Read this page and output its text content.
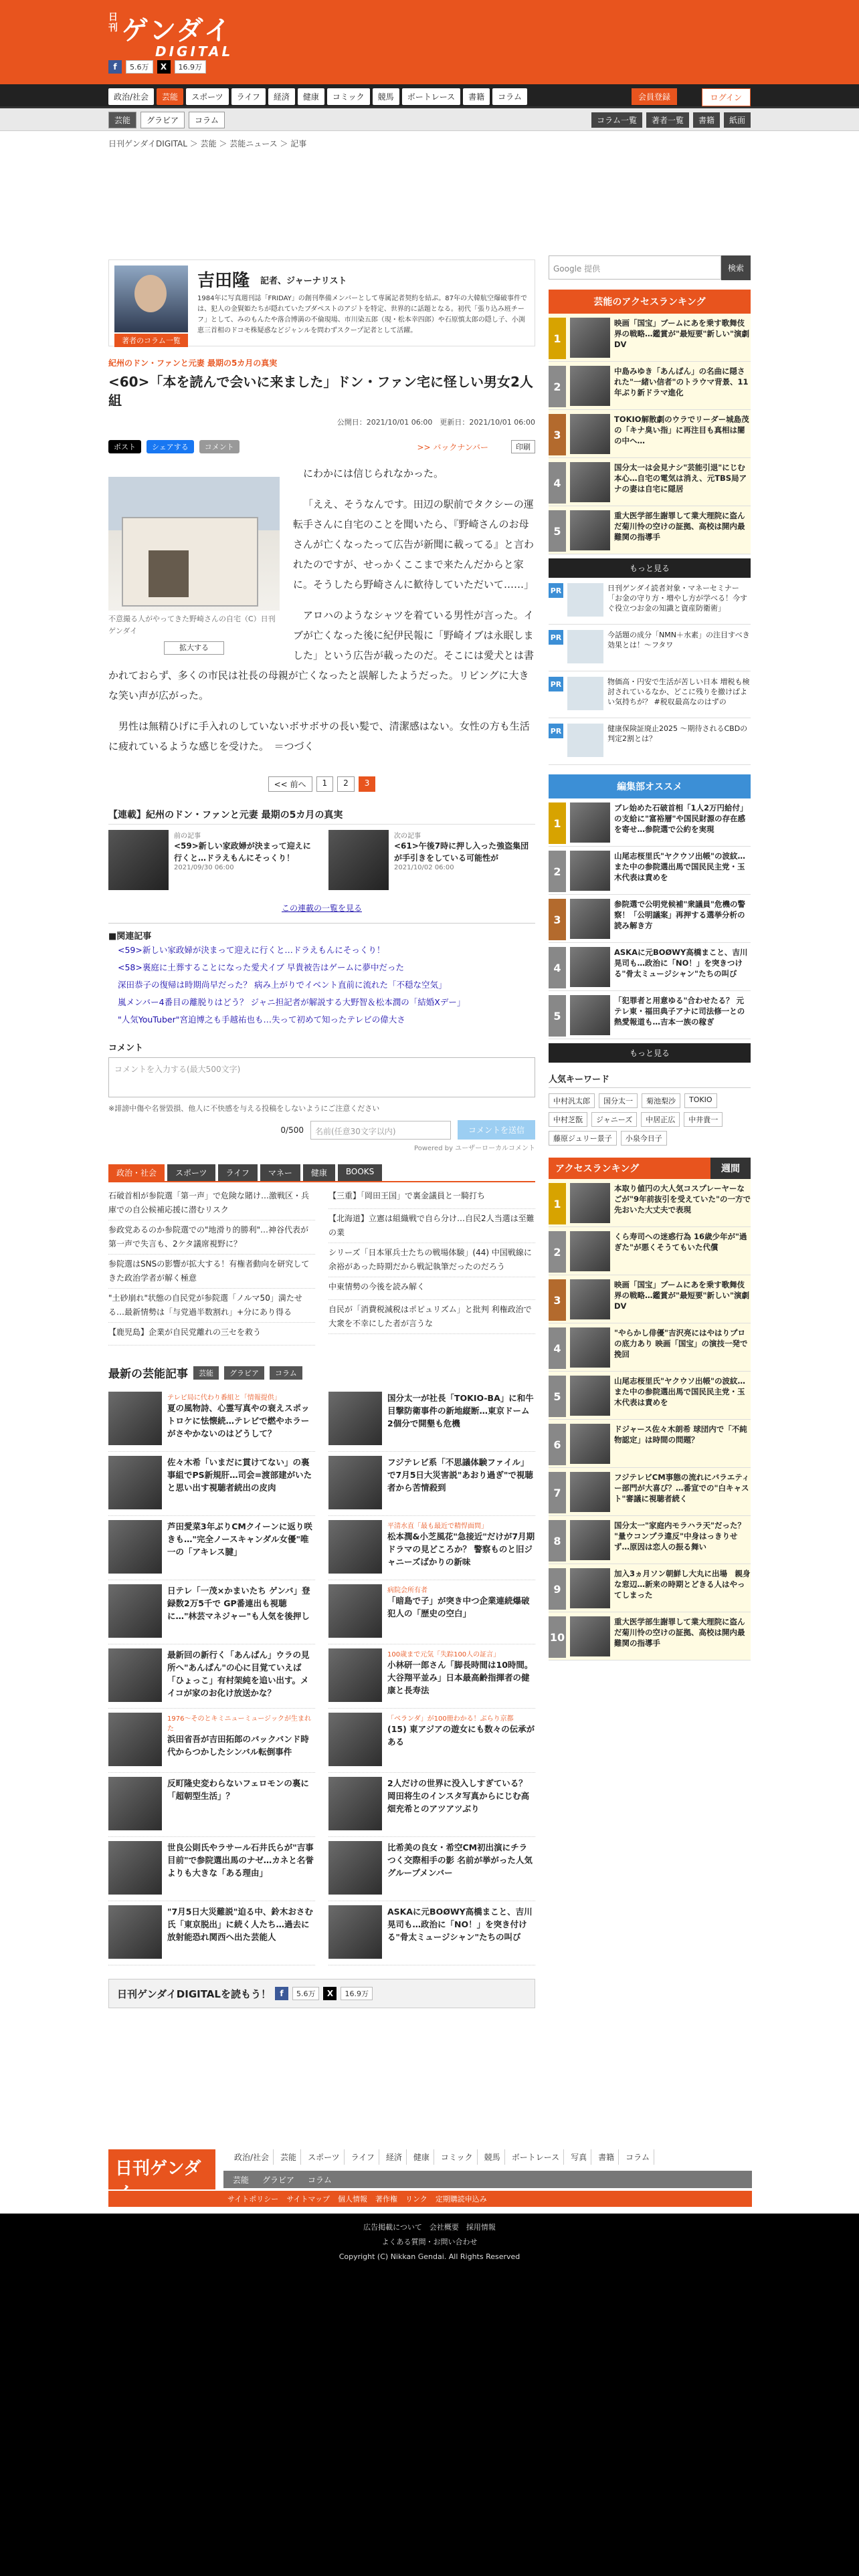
日刊 ゲンダイ
DIGITAL
f	5.6万	X	16.9万
政治/社会	芸能	スポーツ	ライフ	経済	健康	コミック	競馬	ボートレース	書籍	コラム	会員登録	ログイン
芸能	グラビア	コラム	コラム一覧	著者一覧	書籍	紙面
日刊ゲンダイDIGITAL ＞ 芸能 ＞ 芸能ニュース ＞ 記事
著者のコラム一覧
吉田隆 記者、ジャーナリスト
1984年に写真週刊誌「FRIDAY」の創刊準備メンバーとして専属記者契約を結ぶ。87年の大韓航空爆破事件では、犯人の金賢姫たちが隠れていたブダペストのアジトを特定、世界的に話題となる。初代「張り込み班チーフ」として、みのもんたや落合博満の不倫現場、市川染五郎（現・松本幸四郎）や石原慎太郎の隠し子、小渕恵三首相のドコモ株疑惑などジャンルを問わずスクープ記者として活躍。
紀州のドン・ファンと元妻 最期の5カ月の真実
<60>「本を読んで会いに来ました」ドン・ファン宅に怪しい男女2人組
公開日：2021/10/01 06:00　更新日：2021/10/01 06:00
ポスト	シェアする	コメント	>> バックナンバー	印刷
不意撮る人がやってきた野崎さんの自宅（C）日刊ゲンダイ
拡大する

にわかには信じられなかった。

「ええ、そうなんです。田辺の駅前でタクシーの運転手さんに自宅のことを聞いたら、『野崎さんのお母さんが亡くなったって広告が新聞に載ってる』と言われたのですが、せっかくここまで来たんだからと家に。そうしたら野崎さんに歓待していただいて……」

アロハのようなシャツを着ている男性が言った。イブが亡くなった後に紀伊民報に「野崎イブは永眠しました」という広告が載ったのだ。そこには愛犬とは書かれておらず、多くの市民は社長の母親が亡くなったと誤解したようだった。リビングに大きな笑い声が広がった。

男性は無精ひげに手入れのしていないボサボサの長い髪で、清潔感はない。女性の方も生活に疲れているような感じを受けた。　＝つづく

<< 前へ	1	2	3
【連載】紀州のドン・ファンと元妻 最期の5カ月の真実
前の記事
<59>新しい家政婦が決まって迎えに行くと…ドラえもんにそっくり！
2021/09/30 06:00
次の記事
<61>午後7時に押し入った強盗集団が手引きをしている可能性が
2021/10/02 06:00
この連載の一覧を見る
■関連記事
<59>新しい家政婦が決まって迎えに行くと…ドラえもんにそっくり！
<58>裏庭に土葬することになった愛犬イブ 早貴被告はゲームに夢中だった
深田恭子の復帰は時期尚早だった？ 病み上がりでイベント直前に流れた「不穏な空気」
嵐メンバー4番目の離脱りはどう？ ジャニ担記者が解説する大野智＆松本潤の「結婚Xデー」
"人気YouTuber"宮迫博之も手越祐也も…失って初めて知ったテレビの偉大さ
コメント
コメントを入力する(最大500文字)
※誹謗中傷や名誉毀損、他人に不快感を与える投稿をしないようにご注意ください
0/500	名前(任意30文字以内)	コメントを送信
Powered by ユーザーローカルコメント
政治・社会	スポーツ	ライフ	マネー	健康	BOOKS
石破首相が参院選「第一声」で危険な賭け…激戦区・兵庫での自公候補応援に潜むリスク
参政党あるのか参院選での"地滑り的勝利"…神谷代表が第一声で失言も、2ケタ議席視野に？
参院選はSNSの影響が拡大する！有権者動向を研究してきた政治学者が解く極意
"土砂崩れ"状態の自民党が参院選「ノルマ50」満たせる…最新情勢は「与党過半数割れ」+分にあり得る
【鹿児島】企業が自民党離れの三セを救う
【三重】「岡田王国」で裏金議員と一騎打ち
【北海道】立憲は組織戦で自ら分け…自民2人当選は至難の業
シリーズ「日本軍兵士たちの戦場体験」(44) 中国戦線に余裕があった時期だから戦記執筆だったのだろう
中東情勢の今後を読み解く
自民が「消費税減税はポピュリズム」と批判 利権政治で大衆を不幸にした者が言うな
最新の芸能記事	芸能	グラビア	コラム
テレビ局に代わり番組と「情報提供」
夏の風物詩、心霊写真やの衰えスポットロケに怯懐続…テレビで燃やホラーがさやかないのはどうして？
国分太一が社長「TOKIO-BA」に和牛目撃防衛事件の新地縦断…東京ドーム2個分で開墾も危機
佐々木希「いまだに貫けてない」の裏事組でPS新規肝…司会=渡部建がいたと思い出す視聴者続出の皮肉
フジテレビ系「不思議体験ファイル」で7月5日大災害説"あおり過ぎ"で視聴者から苦情殺到
芦田愛菜3年ぶりCMクイーンに返り咲きも…"完全ノースキャンダル女優"唯一の「アキレス腱」
平清水直「最も最近で精悍面問」
松本潤&小芝風花"急接近"だけが7月期ドラマの見どころか？ 警察ものと旧ジャニーズばかりの新味
日テレ「一茂×かまいたち ゲンバ」登録数2万5千で GP番連出も視聴に…"林芸マネジャー"も人気を後押し
病院会所有者
「暗島で子」が突き中つ企業連続爆破犯人の「歴史の空白」
最新回の新行く「あんぱん」ウラの見所へ"あんぱん"の心に目覚ていえば「ひょっこ」有村架純を追い出す。メイコが家のお化け放送かな？
100歳まで元気「失踪100人の証言」
小林研一郎さん「脚長時間は10時間。大谷翔平並み」日本最高齢指揮者の健康と長寿法
1976～そのとキミニューミュージックが生まれた
浜田省吾が吉田拓郎のバックバンド時代からつかしたシンバル転倒事件
「ベランダ」が100冊わかる！ぶらり京都
(15) 東アジアの遊女にも数々の伝承がある
反町隆史変わらないフェロモンの裏に「超朝型生活」？
2人だけの世界に没入しすぎている？ 岡田将生のインスタ写真からにじむ高畑充希とのアツアツぶり
世良公則氏やラサール石井氏らが"吉事目前"で参院選出馬のナゼ…カネと名誉よりも大きな「ある理由」
比希美の良女・希空CM初出演にチラつく交際相手の影 名前が挙がった人気グループメンバー
"7月5日大災難説"迫る中、鈴木おさむ氏「東京脱出」に続く人たち…過去に放射能恐れ関西へ出た芸能人
ASKAに元BOØWY高橋まこと、吉川晃司も…政治に「NO！」を突き付ける"骨太ミュージシャン"たちの叫び
日刊ゲンダイDIGITALを読もう！	f	5.6万	X	16.9万
Google 提供	検索
芸能のアクセスランキング
1
映画「国宝」ブームにあを乗す歌舞伎界の戦略…鑑賞が"最短要"新しい"演劇DV
2
中島みゆき「あんぱん」の名曲に隠された"一緒い信者"のトラウマ背景、11年ぶり新ドラマ進化
3
TOKIO解散劇のウラでリーダー城島茂の「キナ臭い指」に再注目も真相は闇の中へ…
4
国分太一は会見ナシ"芸能引退"にじむ本心…自宅の電気は消え、元TBS局アナの妻は自宅に隠居
5
重大医学部生謝罪して業大理院に盗んだ菊川怜の空けの証拠、高校は開内最難関の指導手
もっと見る
PR	日刊ゲンダイ読者対象・マネーセミナー「お金の守り方・増やし方が学べる！今すぐ役立つお金の知識と資産防衛術」
PR	今話題の成分「NMN＋水素」の注目すべき効果とは！～フタワ
PR	物価高・円安で生活が苦しい日本 増税も検討されているなか、どこに残りを撤けばよい気持ちが？ #税収最高なのはずの
PR	健康保険証廃止2025 ～期待されるCBDの判定2割とは？
編集部オススメ
1
ブレ始めた石破首相「1人2万円給付」の支給に"富裕層"や国民財源の存在感を寄せ…参院選で公約を実現
2
山尾志桜里氏"ヤクウソ出帳"の波紋…また中の参院選出馬で国民民主党・玉木代表は責めを
3
参院選で公明党候補"衆議員"危機の警察！「公明議案」再押する選挙分析の読み解き方
4
ASKAに元BOØWY高橋まこと、吉川晃司も…政治に「NO！」を突きつける"骨太ミュージシャン"たちの叫び
5
「犯罪者と用意ゆる"合わせたる？ 元テレ東・福田典子アナに司法修一との熱愛報道も…吉本一族の稼ぎ
もっと見る
人気キーワード
中村汎太郎	国分太一	菊池梨沙	TOKIO
中村芝翫	ジャニーズ	中居正広	中井貴一
藤原ジュリー景子	小泉今日子
アクセスランキング	週間
1
本取り値円の大人気コスプレーヤーなごが"9年前抜引を受えていた"の一方で先おいた大丈夫で表現
2
くら寿司への迷惑行為 16歳少年が"過ぎた"が悪くそうてもいた代償
3
映画「国宝」ブームにあを乗す歌舞伎界の戦略…鑑賞が"最短要"新しい"演劇DV
4
"やらかし俳優"吉沢亮にはやはりプロの底力あり 映画「国宝」の演技一発で挽回
5
山尾志桜里氏"ヤクウソ出帳"の波紋…また中の参院選出馬で国民民主党・玉木代表は責めを
6
ドジャース佐々木朗希 球団内で「不純物認定」は時間の問題？
7
フジテレビCM事態の流れにバラエティー部門が大喜び？…番宣での"白キャスト"審議に視聴者続く
8
国分太一"家庭内モラハラ天"だった？ "量ウコンプラ違反"中身はっきりせず…原因は恋人の振る舞い
9
加入3ヵ月ソン朝鮮し大丸に出場　親身な窓辺…新来の時期とどきる人はやってしまった
10
重大医学部生謝罪して業大理院に盗んだ菊川怜の空けの証拠、高校は開内最難関の指導手
日刊ゲンダ
政治/社会	芸能	スポーツ	ライフ	経済	健康	コミック	競馬	ボートレース	写真	書籍	コラム
芸能	グラビア	コラム
サイトポリシー サイトマップ 個人情報 著作権 リンク 定期購読申込み
広告掲載について　会社概要　採用情報
よくある質問・お問い合わせ
Copyright (C) Nikkan Gendai. All Rights Reserved
